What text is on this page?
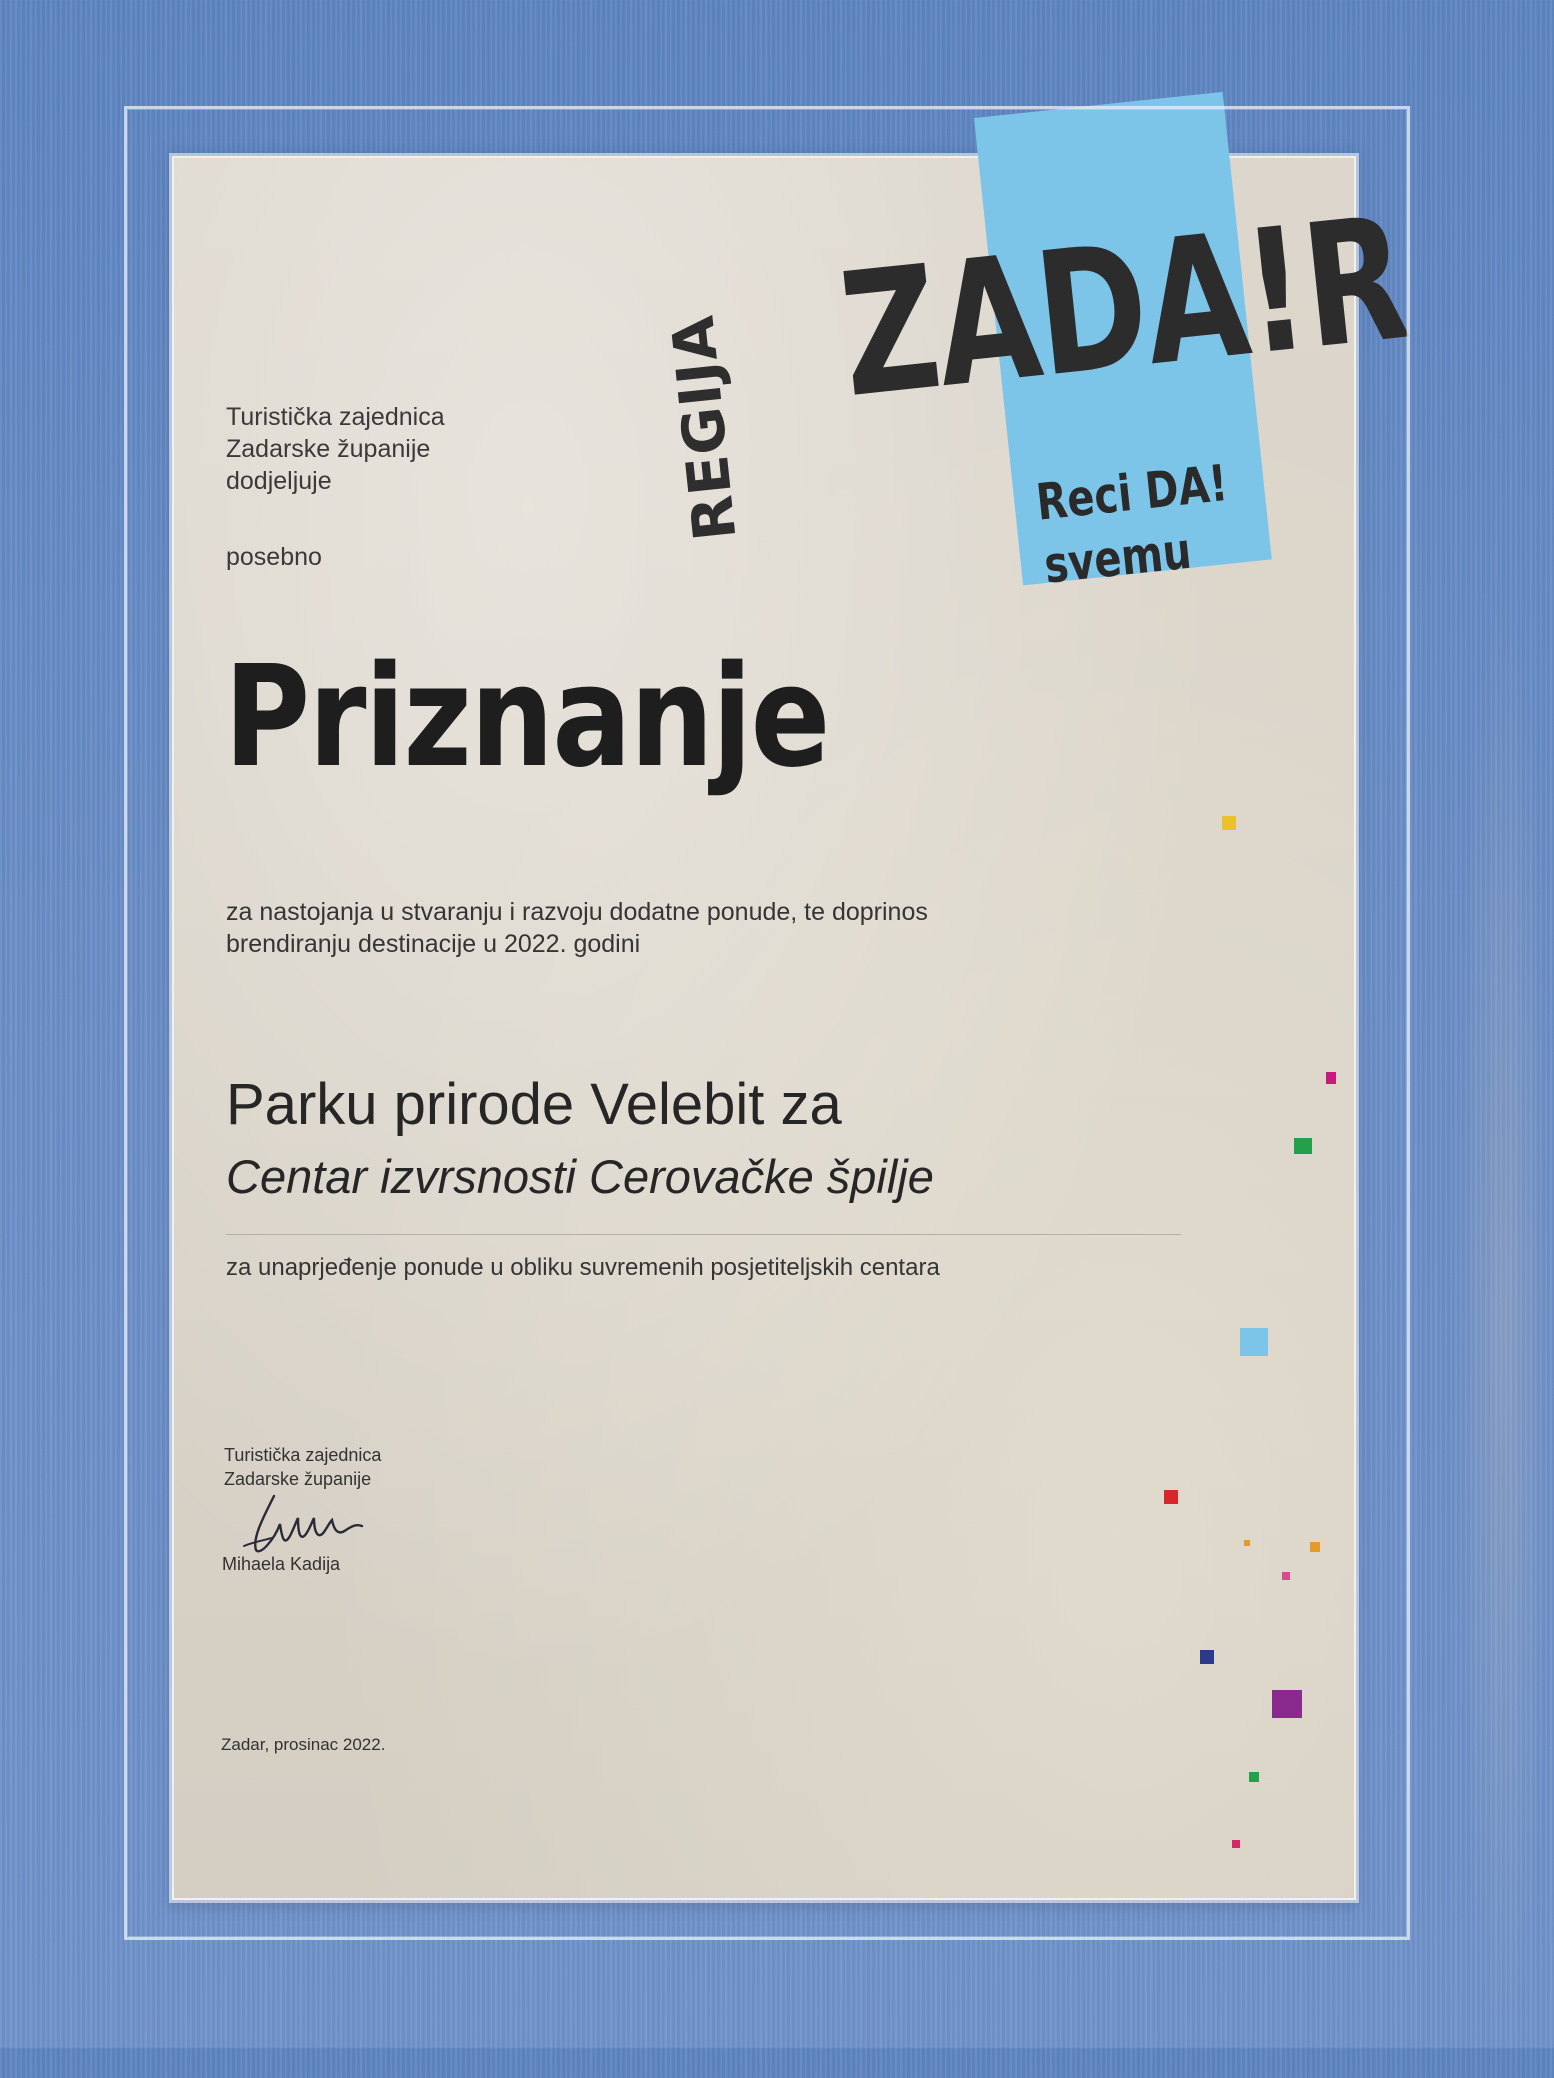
REGIJA ZADA!R
Reci DA!
svemu
Turistička zajednica
Zadarske županije
dodjeljuje
posebno
Priznanje
za nastojanja u stvaranju i razvoju dodatne ponude, te doprinos
brendiranju destinacije u 2022. godini
Parku prirode Velebit za
Centar izvrsnosti Cerovačke špilje
za unaprjeđenje ponude u obliku suvremenih posjetiteljskih centara
Turistička zajednica
Zadarske županije
Mihaela Kadija
Zadar, prosinac 2022.
